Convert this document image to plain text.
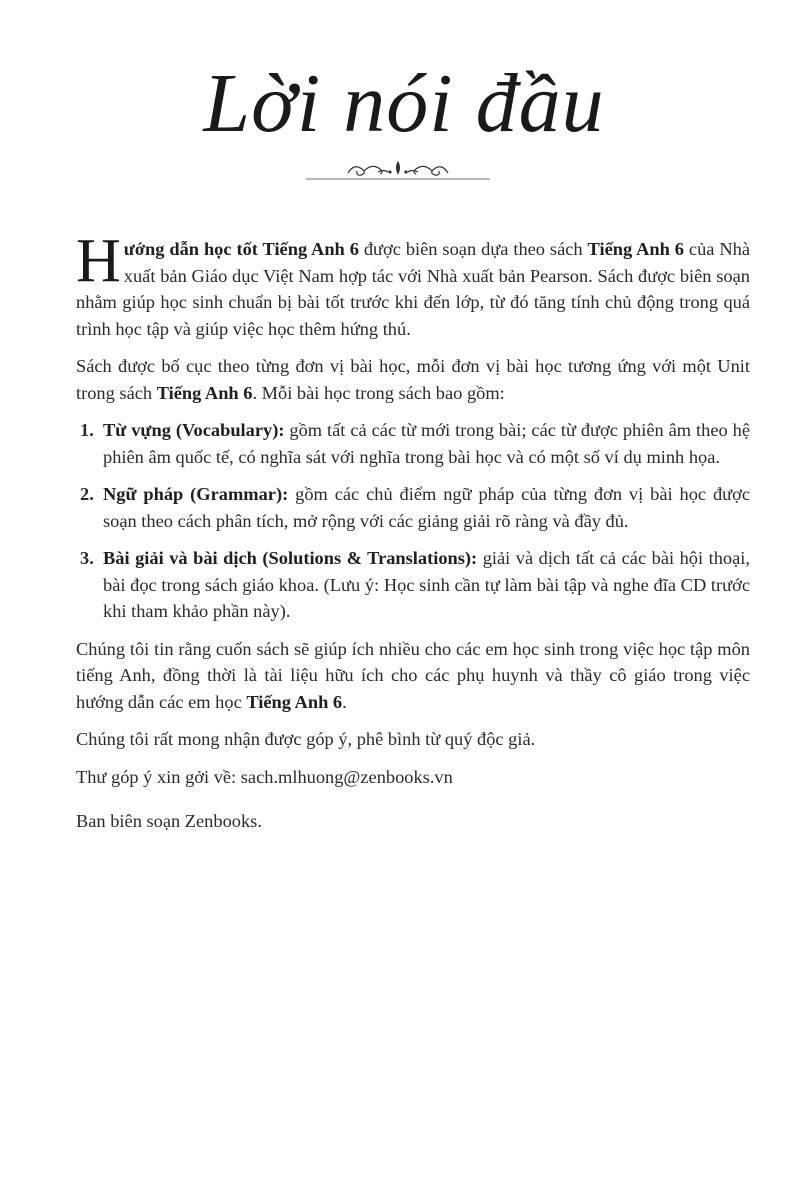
Lời nói đầu

Hướng dẫn học tốt Tiếng Anh 6 được biên soạn dựa theo sách Tiếng Anh 6 của Nhà xuất bản Giáo dục Việt Nam hợp tác với Nhà xuất bản Pearson. Sách được biên soạn nhằm giúp học sinh chuẩn bị bài tốt trước khi đến lớp, từ đó tăng tính chủ động trong quá trình học tập và giúp việc học thêm hứng thú.

Sách được bố cục theo từng đơn vị bài học, mỗi đơn vị bài học tương ứng với một Unit trong sách Tiếng Anh 6. Mỗi bài học trong sách bao gồm:

1. Từ vựng (Vocabulary): gồm tất cả các từ mới trong bài; các từ được phiên âm theo hệ phiên âm quốc tế, có nghĩa sát với nghĩa trong bài học và có một số ví dụ minh họa.
2. Ngữ pháp (Grammar): gồm các chủ điểm ngữ pháp của từng đơn vị bài học được soạn theo cách phân tích, mở rộng với các giảng giải rõ ràng và đầy đủ.
3. Bài giải và bài dịch (Solutions & Translations): giải và dịch tất cả các bài hội thoại, bài đọc trong sách giáo khoa. (Lưu ý: Học sinh cần tự làm bài tập và nghe đĩa CD trước khi tham khảo phần này).

Chúng tôi tin rằng cuốn sách sẽ giúp ích nhiều cho các em học sinh trong việc học tập môn tiếng Anh, đồng thời là tài liệu hữu ích cho các phụ huynh và thầy cô giáo trong việc hướng dẫn các em học Tiếng Anh 6.

Chúng tôi rất mong nhận được góp ý, phê bình từ quý độc giả.

Thư góp ý xin gởi về: sach.mlhuong@zenbooks.vn

Ban biên soạn Zenbooks.
